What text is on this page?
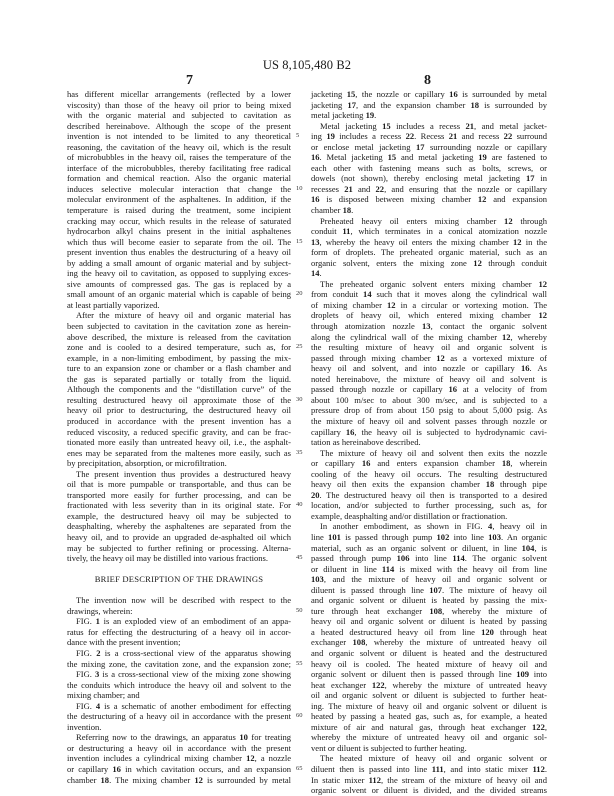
US 8,105,480 B2
7	8
has different micellar arrangements (reflected by a lower
viscosity) than those of the heavy oil prior to being mixed
with the organic material and subjected to cavitation as
described hereinabove. Although the scope of the present
invention is not intended to be limited to any theoretical
reasoning, the cavitation of the heavy oil, which is the result
of microbubbles in the heavy oil, raises the temperature of the
interface of the microbubbles, thereby facilitating free radical
formation and chemical reaction. Also the organic material
induces selective molecular interaction that change the
molecular environment of the asphaltenes. In addition, if the
temperature is raised during the treatment, some incipient
cracking may occur, which results in the release of saturated
hydrocarbon alkyl chains present in the initial asphaltenes
which thus will become easier to separate from the oil. The
present invention thus enables the destructuring of a heavy oil
by adding a small amount of organic material and by subject-
ing the heavy oil to cavitation, as opposed to supplying exces-
sive amounts of compressed gas. The gas is replaced by a
small amount of an organic material which is capable of being
at least partially vaporized.
After the mixture of heavy oil and organic material has
been subjected to cavitation in the cavitation zone as herein-
above described, the mixture is released from the cavitation
zone and is cooled to a desired temperature, such as, for
example, in a non-limiting embodiment, by passing the mix-
ture to an expansion zone or chamber or a flash chamber and
the gas is separated partially or totally from the liquid.
Although the components and the “distillation curve” of the
resulting destructured heavy oil approximate those of the
heavy oil prior to destructuring, the destructured heavy oil
produced in accordance with the present invention has a
reduced viscosity, a reduced specific gravity, and can be frac-
tionated more easily than untreated heavy oil, i.e., the asphalt-
enes may be separated from the maltenes more easily, such as
by precipitation, absorption, or microfiltration.
The present invention thus provides a destructured heavy
oil that is more pumpable or transportable, and thus can be
transported more easily for further processing, and can be
fractionated with less severity than in its original state. For
example, the destructured heavy oil may be subjected to
deasphalting, whereby the asphaltenes are separated from the
heavy oil, and to provide an upgraded de-asphalted oil which
may be subjected to further refining or processing. Alterna-
tively, the heavy oil may be distilled into various fractions.
BRIEF DESCRIPTION OF THE DRAWINGS
The invention now will be described with respect to the
drawings, wherein:
FIG. 1 is an exploded view of an embodiment of an appa-
ratus for effecting the destructuring of a heavy oil in accor-
dance with the present invention;
FIG. 2 is a cross-sectional view of the apparatus showing
the mixing zone, the cavitation zone, and the expansion zone;
FIG. 3 is a cross-sectional view of the mixing zone showing
the conduits which introduce the heavy oil and solvent to the
mixing chamber; and
FIG. 4 is a schematic of another embodiment for effecting
the destructuring of a heavy oil in accordance with the present
invention.
Referring now to the drawings, an apparatus 10 for treating
or destructuring a heavy oil in accordance with the present
invention includes a cylindrical mixing chamber 12, a nozzle
or capillary 16 in which cavitation occurs, and an expansion
chamber 18. The mixing chamber 12 is surrounded by metal
5
10
15
20
25
30
35
40
45
50
55
60
65
jacketing 15, the nozzle or capillary 16 is surrounded by metal
jacketing 17, and the expansion chamber 18 is surrounded by
metal jacketing 19.
Metal jacketing 15 includes a recess 21, and metal jacket-
ing 19 includes a recess 22. Recess 21 and recess 22 surround
or enclose metal jacketing 17 surrounding nozzle or capillary
16. Metal jacketing 15 and metal jacketing 19 are fastened to
each other with fastening means such as bolts, screws, or
dowels (not shown), thereby enclosing metal jacketing 17 in
recesses 21 and 22, and ensuring that the nozzle or capillary
16 is disposed between mixing chamber 12 and expansion
chamber 18.
Preheated heavy oil enters mixing chamber 12 through
conduit 11, which terminates in a conical atomization nozzle
13, whereby the heavy oil enters the mixing chamber 12 in the
form of droplets. The preheated organic material, such as an
organic solvent, enters the mixing zone 12 through conduit
14.
The preheated organic solvent enters mixing chamber 12
from conduit 14 such that it moves along the cylindrical wall
of mixing chamber 12 in a circular or vortexing motion. The
droplets of heavy oil, which entered mixing chamber 12
through atomization nozzle 13, contact the organic solvent
along the cylindrical wall of the mixing chamber 12, whereby
the resulting mixture of heavy oil and organic solvent is
passed through mixing chamber 12 as a vortexed mixture of
heavy oil and solvent, and into nozzle or capillary 16. As
noted hereinabove, the mixture of heavy oil and solvent is
passed through nozzle or capillary 16 at a velocity of from
about 100 m/sec to about 300 m/sec, and is subjected to a
pressure drop of from about 150 psig to about 5,000 psig. As
the mixture of heavy oil and solvent passes through nozzle or
capillary 16, the heavy oil is subjected to hydrodynamic cavi-
tation as hereinabove described.
The mixture of heavy oil and solvent then exits the nozzle
or capillary 16 and enters expansion chamber 18, wherein
cooling of the heavy oil occurs. The resulting destructured
heavy oil then exits the expansion chamber 18 through pipe
20. The destructured heavy oil then is transported to a desired
location, and/or subjected to further processing, such as, for
example, deasphalting and/or distillation or fractionation.
In another embodiment, as shown in FIG. 4, heavy oil in
line 101 is passed through pump 102 into line 103. An organic
material, such as an organic solvent or diluent, in line 104, is
passed through pump 106 into line 114. The organic solvent
or diluent in line 114 is mixed with the heavy oil from line
103, and the mixture of heavy oil and organic solvent or
diluent is passed through line 107. The mixture of heavy oil
and organic solvent or diluent is heated by passing the mix-
ture through heat exchanger 108, whereby the mixture of
heavy oil and organic solvent or diluent is heated by passing
a heated destructured heavy oil from line 120 through heat
exchanger 108, whereby the mixture of untreated heavy oil
and organic solvent or diluent is heated and the destructured
heavy oil is cooled. The heated mixture of heavy oil and
organic solvent or diluent then is passed through line 109 into
heat exchanger 122, whereby the mixture of untreated heavy
oil and organic solvent or diluent is subjected to further heat-
ing. The mixture of heavy oil and organic solvent or diluent is
heated by passing a heated gas, such as, for example, a heated
mixture of air and natural gas, through heat exchanger 122,
whereby the mixture of untreated heavy oil and organic sol-
vent or diluent is subjected to further heating.
The heated mixture of heavy oil and organic solvent or
diluent then is passed into line 111, and into static mixer 112.
In static mixer 112, the stream of the mixture of heavy oil and
organic solvent or diluent is divided, and the divided streams
